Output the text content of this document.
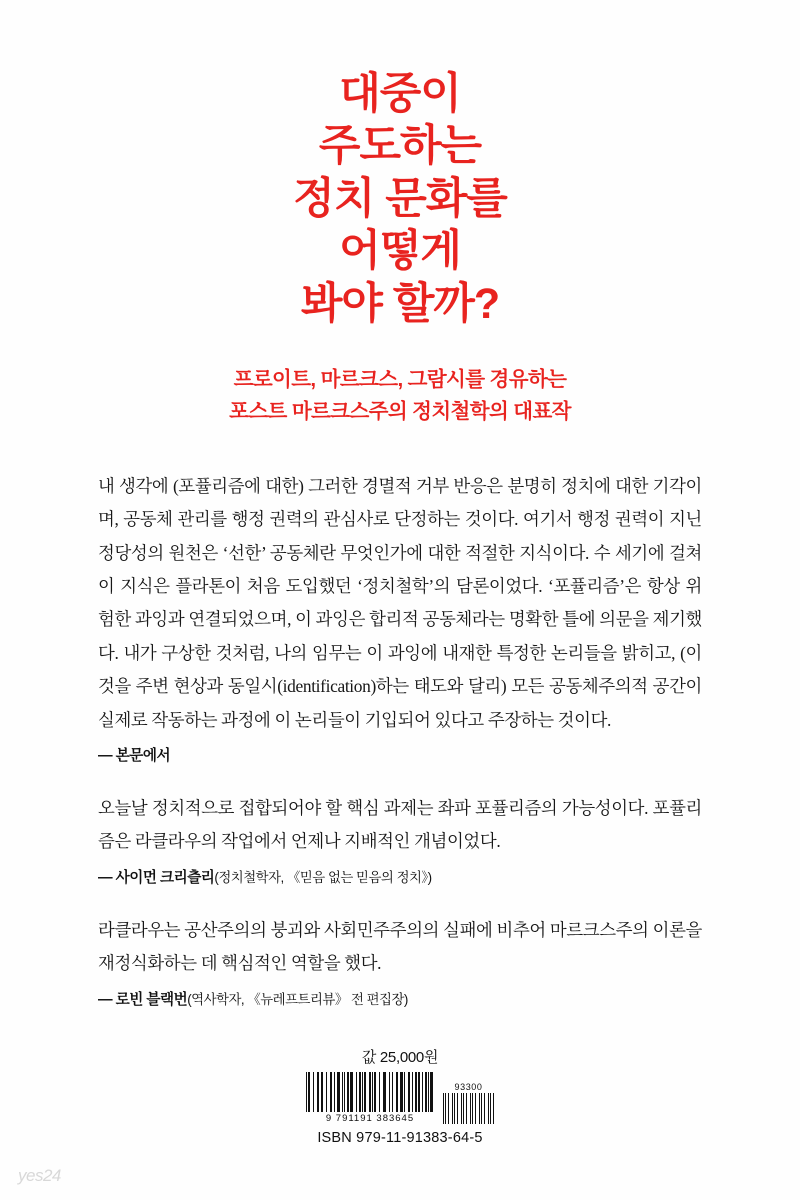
대중이
주도하는
정치 문화를
어떻게
봐야 할까?
프로이트, 마르크스, 그람시를 경유하는
포스트 마르크스주의 정치철학의 대표작

내 생각에 (포퓰리즘에 대한) 그러한 경멸적 거부 반응은 분명히 정치에 대한 기각이며, 공동체 관리를 행정 권력의 관심사로 단정하는 것이다. 여기서 행정 권력이 지닌 정당성의 원천은 ‘선한’ 공동체란 무엇인가에 대한 적절한 지식이다. 수 세기에 걸쳐 이 지식은 플라톤이 처음 도입했던 ‘정치철학’의 담론이었다. ‘포퓰리즘’은 항상 위험한 과잉과 연결되었으며, 이 과잉은 합리적 공동체라는 명확한 틀에 의문을 제기했다. 내가 구상한 것처럼, 나의 임무는 이 과잉에 내재한 특정한 논리들을 밝히고, (이것을 주변 현상과 동일시(identification)하는 태도와 달리) 모든 공동체주의적 공간이 실제로 작동하는 과정에 이 논리들이 기입되어 있다고 주장하는 것이다.

— 본문에서

오늘날 정치적으로 접합되어야 할 핵심 과제는 좌파 포퓰리즘의 가능성이다. 포퓰리즘은 라클라우의 작업에서 언제나 지배적인 개념이었다.

— 사이먼 크리츨리(정치철학자, 《믿음 없는 믿음의 정치》)

라클라우는 공산주의의 붕괴와 사회민주주의의 실패에 비추어 마르크스주의 이론을 재정식화하는 데 핵심적인 역할을 했다.

— 로빈 블랙번(역사학자, 《뉴레프트리뷰》 전 편집장)

값 25,000원
9 791191 383645
93300
ISBN 979-11-91383-64-5
yes24
